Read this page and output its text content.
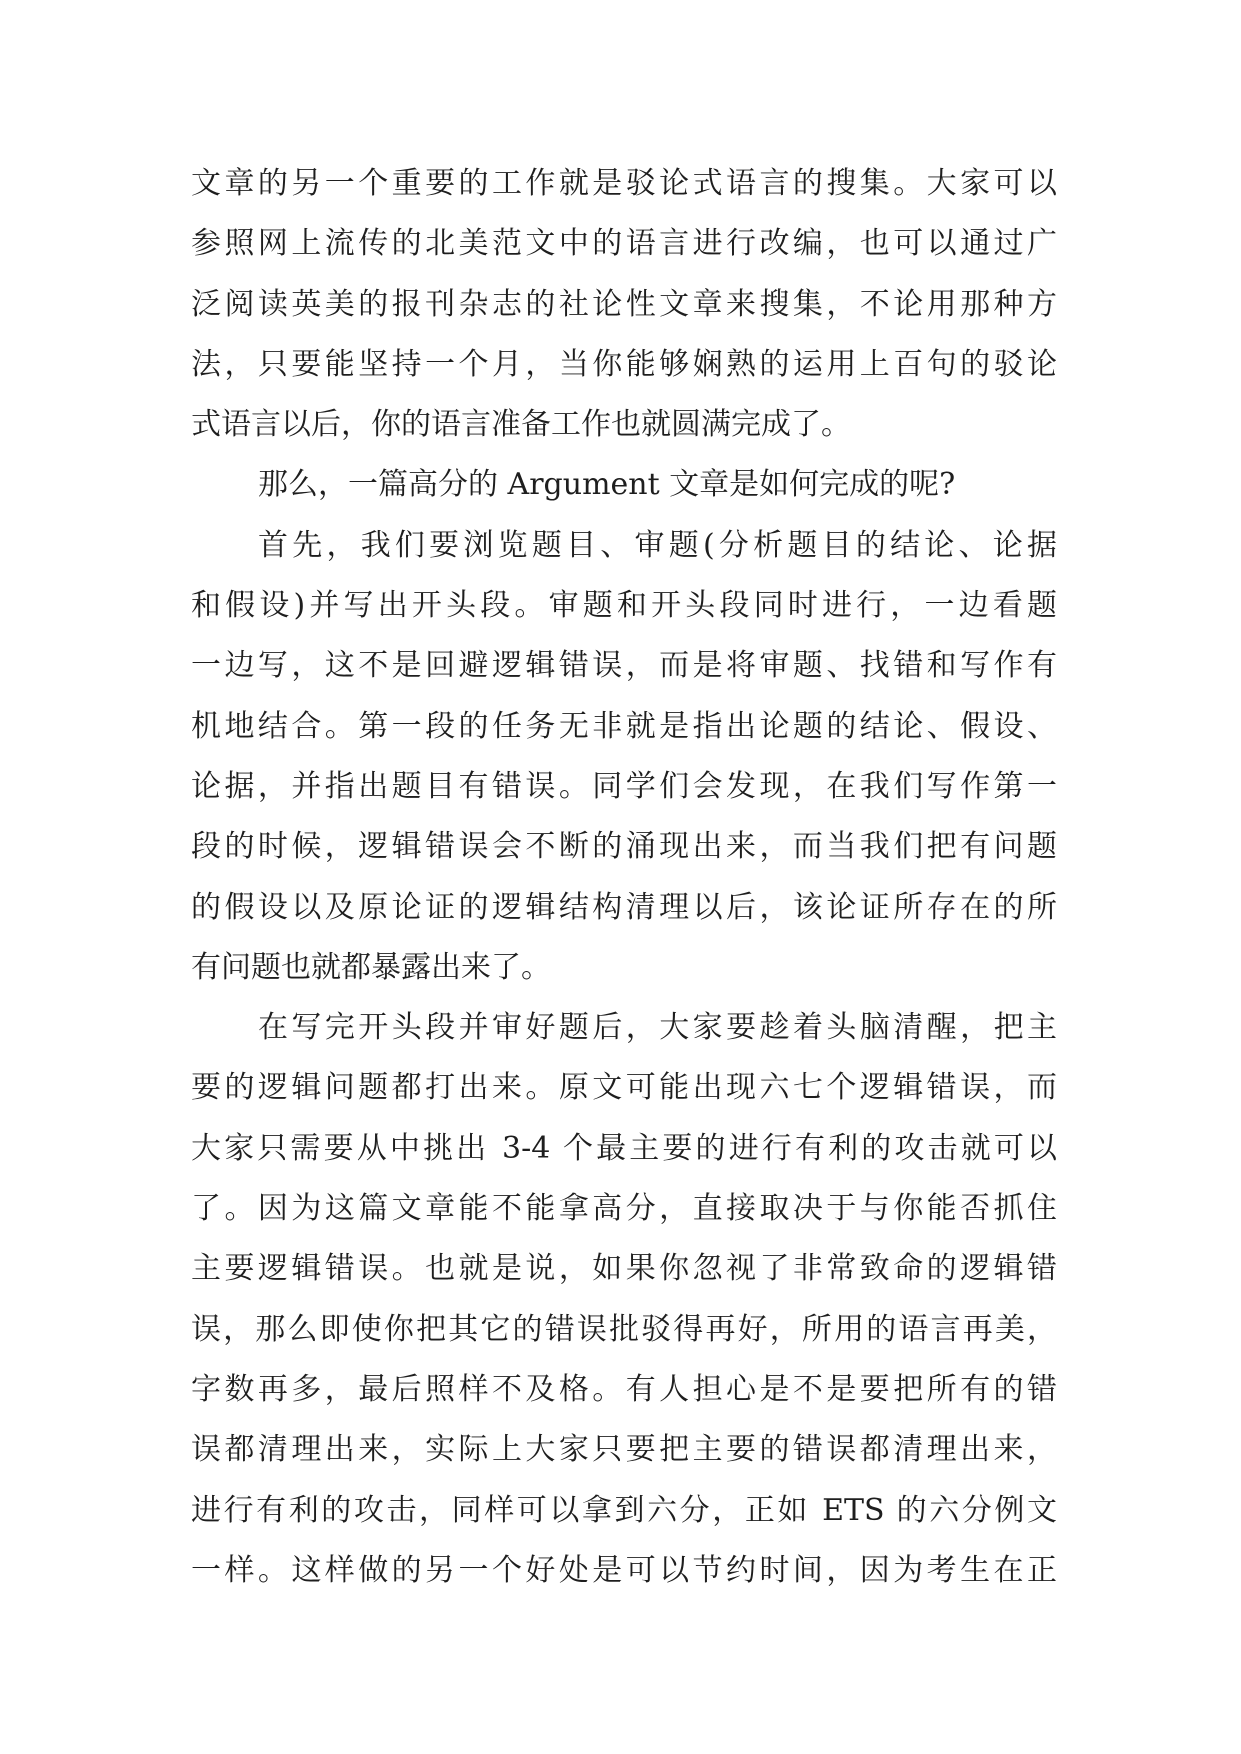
文章的另一个重要的工作就是驳论式语言的搜集。大家可以
参照网上流传的北美范文中的语言进行改编，也可以通过广
泛阅读英美的报刊杂志的社论性文章来搜集，不论用那种方
法，只要能坚持一个月，当你能够娴熟的运用上百句的驳论
式语言以后，你的语言准备工作也就圆满完成了。
那么，一篇高分的 Argument 文章是如何完成的呢?
首先，我们要浏览题目、审题(分析题目的结论、论据
和假设)并写出开头段。审题和开头段同时进行，一边看题
一边写，这不是回避逻辑错误，而是将审题、找错和写作有
机地结合。第一段的任务无非就是指出论题的结论、假设、
论据，并指出题目有错误。同学们会发现，在我们写作第一
段的时候，逻辑错误会不断的涌现出来，而当我们把有问题
的假设以及原论证的逻辑结构清理以后，该论证所存在的所
有问题也就都暴露出来了。
在写完开头段并审好题后，大家要趁着头脑清醒，把主
要的逻辑问题都打出来。原文可能出现六七个逻辑错误，而
大家只需要从中挑出 3-4 个最主要的进行有利的攻击就可以
了。因为这篇文章能不能拿高分，直接取决于与你能否抓住
主要逻辑错误。也就是说，如果你忽视了非常致命的逻辑错
误，那么即使你把其它的错误批驳得再好，所用的语言再美，
字数再多，最后照样不及格。有人担心是不是要把所有的错
误都清理出来，实际上大家只要把主要的错误都清理出来，
进行有利的攻击，同样可以拿到六分，正如 ETS 的六分例文
一样。这样做的另一个好处是可以节约时间，因为考生在正
